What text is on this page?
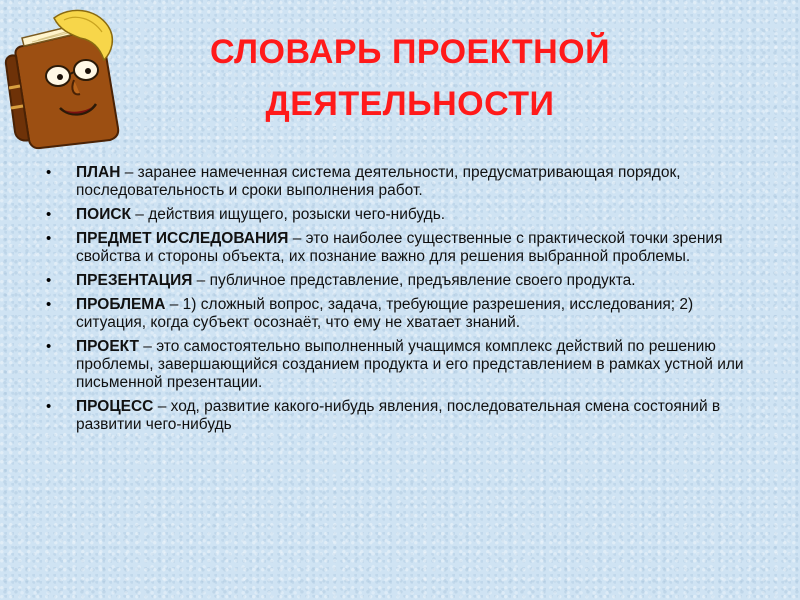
СЛОВАРЬ ПРОЕКТНОЙ
ДЕЯТЕЛЬНОСТИ
• ПЛАН – заранее намеченная система деятельности, предусматривающая порядок, последовательность и сроки выполнения работ.
• ПОИСК – действия ищущего, розыски чего-нибудь.
• ПРЕДМЕТ ИССЛЕДОВАНИЯ – это наиболее существенные с практической точки зрения свойства и стороны объекта, их познание важно для решения выбранной проблемы.
• ПРЕЗЕНТАЦИЯ – публичное представление, предъявление своего продукта.
• ПРОБЛЕМА – 1) сложный вопрос, задача, требующие разрешения, исследования; 2) ситуация, когда субъект осознаёт, что ему не хватает знаний.
• ПРОЕКТ – это самостоятельно выполненный учащимся комплекс действий по решению проблемы, завершающийся созданием продукта и его представлением в рамках устной или письменной презентации.
• ПРОЦЕСС – ход, развитие какого-нибудь явления, последовательная смена состояний в развитии чего-нибудь
